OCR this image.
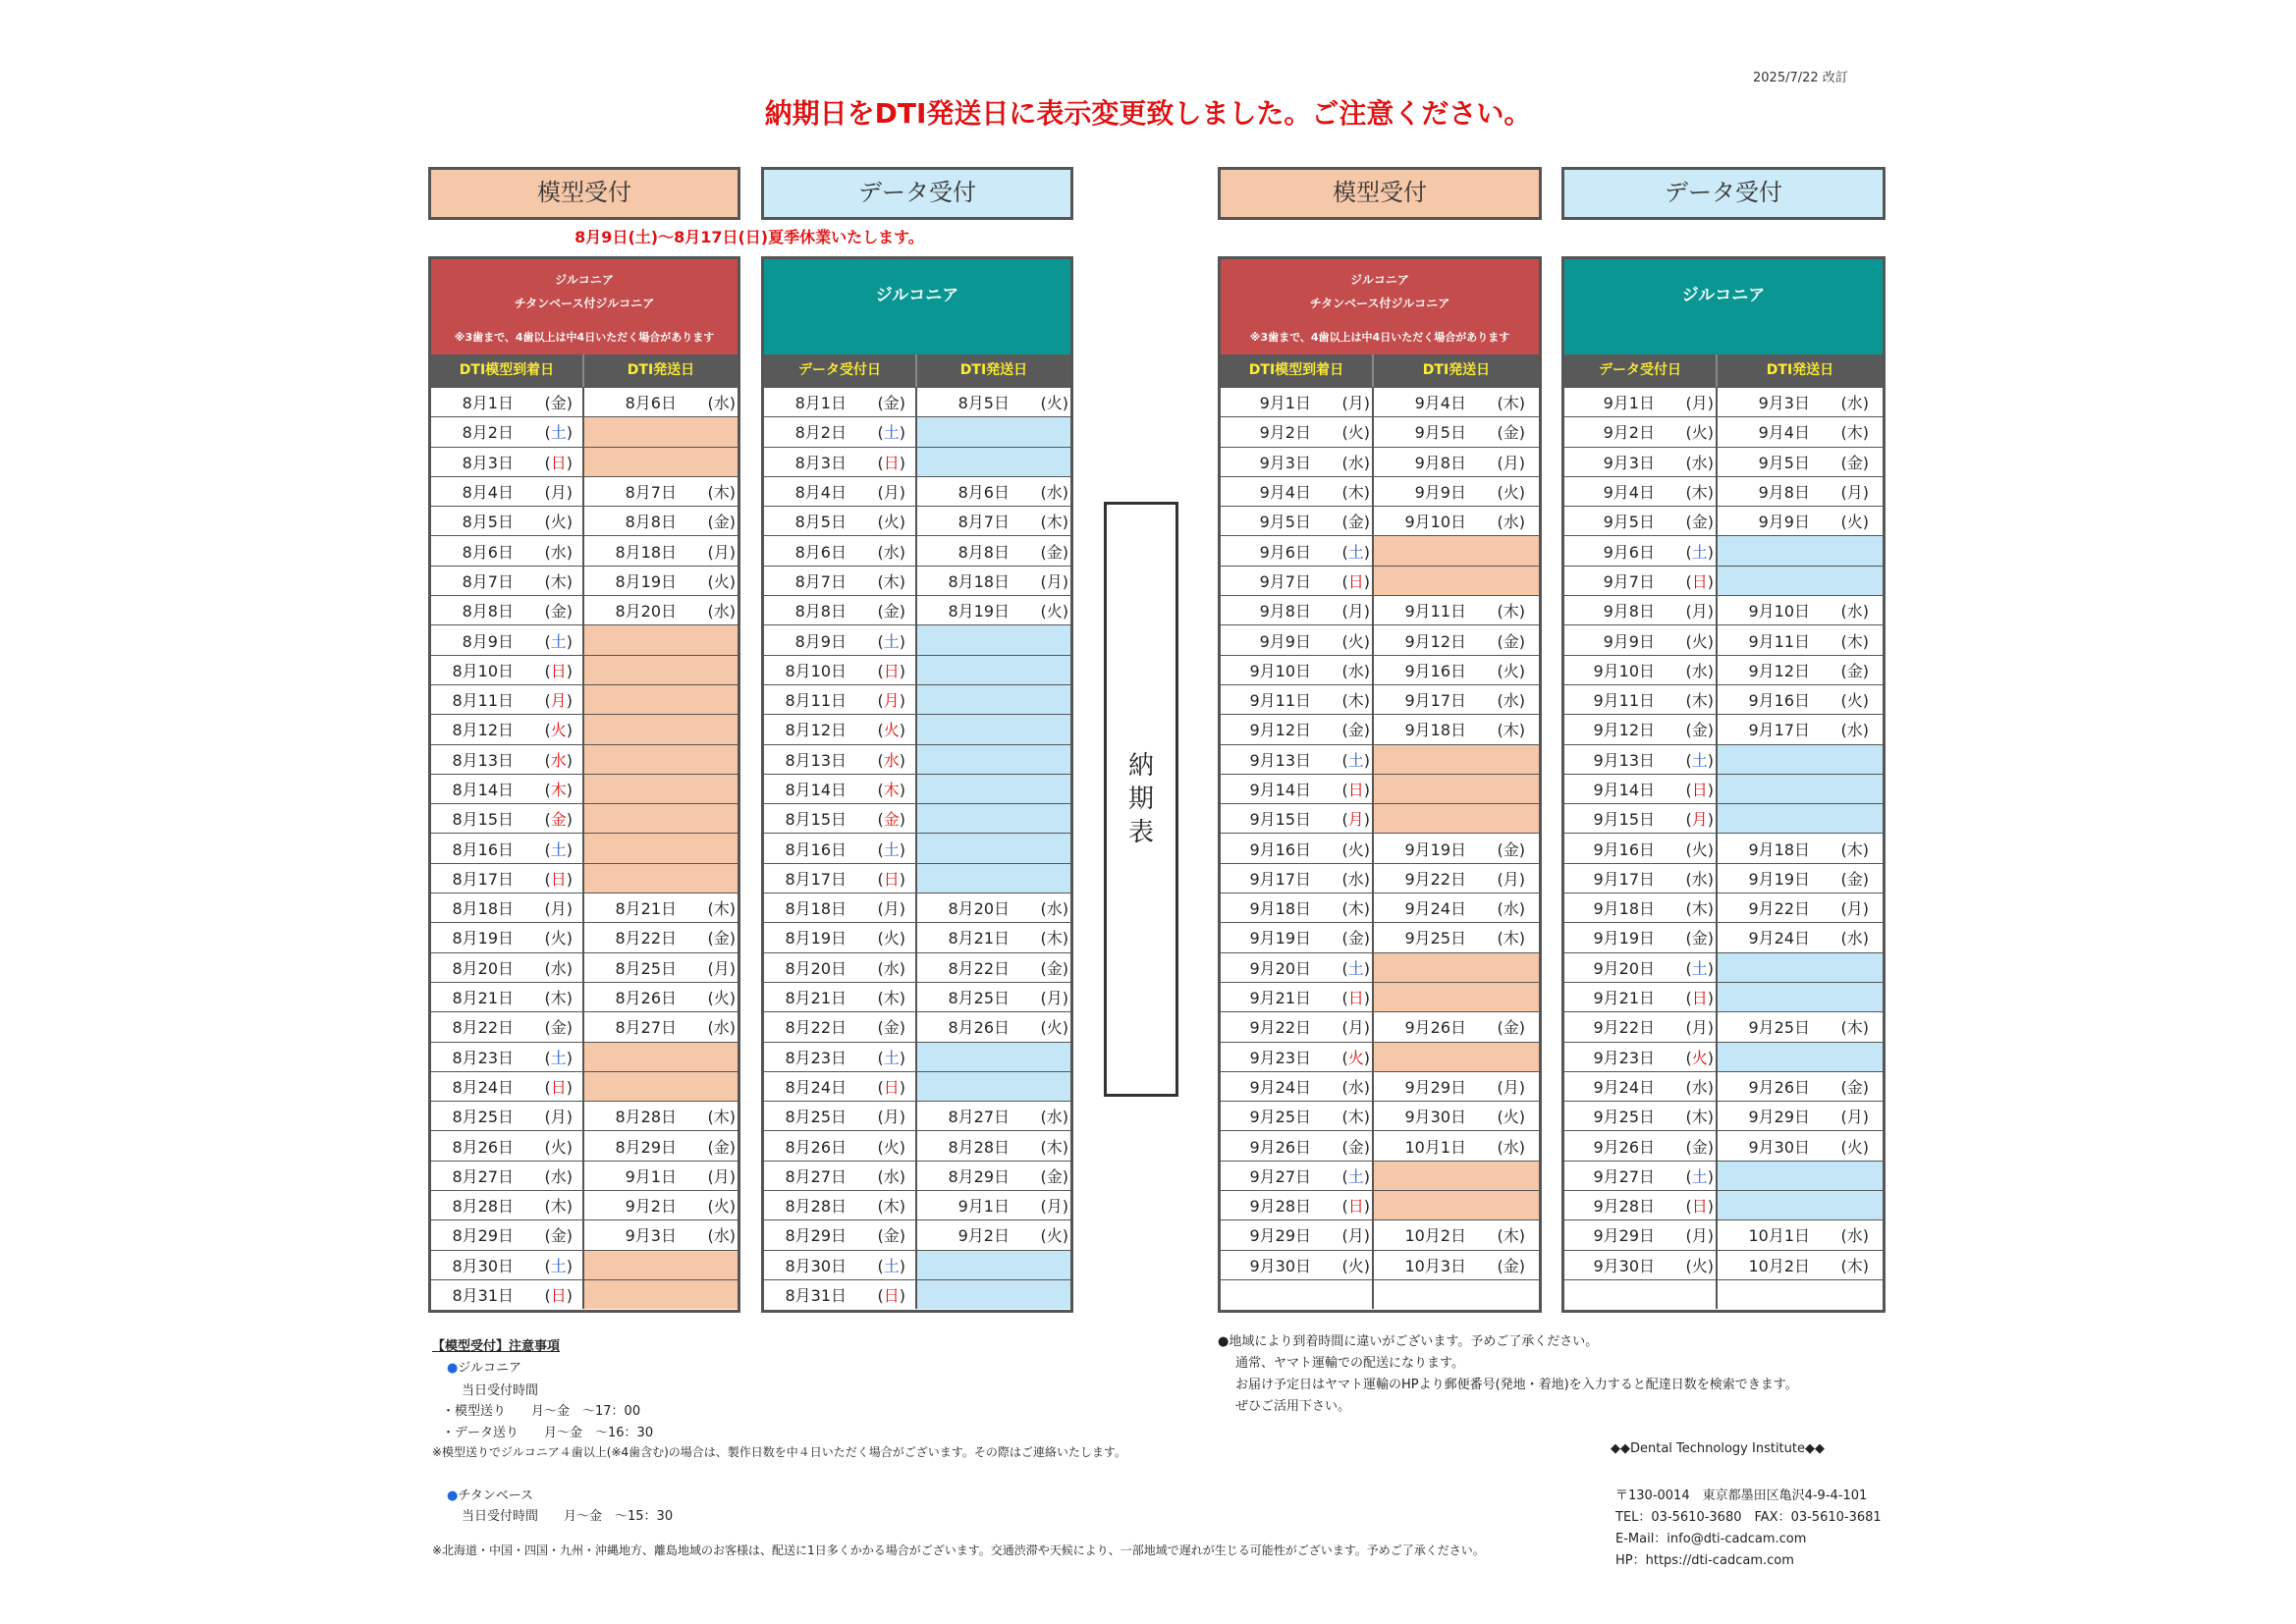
2025/7/22 改訂
納期日をDTI発送日に表示変更致しました。ご注意ください。
模型受付	データ受付	模型受付	データ受付
8月9日(土)～8月17日(日)夏季休業いたします。
ジルコニア
チタンベース付ジルコニア
※3歯まで、4歯以上は中4日いただく場合があります
DTI模型到着日	DTI発送日
8月1日	(金)	8月6日	(水)
8月2日	(土)
8月3日	(日)
8月4日	(月)	8月7日	(木)
8月5日	(火)	8月8日	(金)
8月6日	(水)	8月18日	(月)
8月7日	(木)	8月19日	(火)
8月8日	(金)	8月20日	(水)
8月9日	(土)
8月10日	(日)
8月11日	(月)
8月12日	(火)
8月13日	(水)
8月14日	(木)
8月15日	(金)
8月16日	(土)
8月17日	(日)
8月18日	(月)	8月21日	(木)
8月19日	(火)	8月22日	(金)
8月20日	(水)	8月25日	(月)
8月21日	(木)	8月26日	(火)
8月22日	(金)	8月27日	(水)
8月23日	(土)
8月24日	(日)
8月25日	(月)	8月28日	(木)
8月26日	(火)	8月29日	(金)
8月27日	(水)	9月1日	(月)
8月28日	(木)	9月2日	(火)
8月29日	(金)	9月3日	(水)
8月30日	(土)
8月31日	(日)
ジルコニア
データ受付日	DTI発送日
8月1日	(金)	8月5日	(火)
8月2日	(土)
8月3日	(日)
8月4日	(月)	8月6日	(水)
8月5日	(火)	8月7日	(木)
8月6日	(水)	8月8日	(金)
8月7日	(木)	8月18日	(月)
8月8日	(金)	8月19日	(火)
8月9日	(土)
8月10日	(日)
8月11日	(月)
8月12日	(火)
8月13日	(水)
8月14日	(木)
8月15日	(金)
8月16日	(土)
8月17日	(日)
8月18日	(月)	8月20日	(水)
8月19日	(火)	8月21日	(木)
8月20日	(水)	8月22日	(金)
8月21日	(木)	8月25日	(月)
8月22日	(金)	8月26日	(火)
8月23日	(土)
8月24日	(日)
8月25日	(月)	8月27日	(水)
8月26日	(火)	8月28日	(木)
8月27日	(水)	8月29日	(金)
8月28日	(木)	9月1日	(月)
8月29日	(金)	9月2日	(火)
8月30日	(土)
8月31日	(日)
ジルコニア
チタンベース付ジルコニア
※3歯まで、4歯以上は中4日いただく場合があります
DTI模型到着日	DTI発送日
9月1日	(月)	9月4日	(木)
9月2日	(火)	9月5日	(金)
9月3日	(水)	9月8日	(月)
9月4日	(木)	9月9日	(火)
9月5日	(金)	9月10日	(水)
9月6日	(土)
9月7日	(日)
9月8日	(月)	9月11日	(木)
9月9日	(火)	9月12日	(金)
9月10日	(水)	9月16日	(火)
9月11日	(木)	9月17日	(水)
9月12日	(金)	9月18日	(木)
9月13日	(土)
9月14日	(日)
9月15日	(月)
9月16日	(火)	9月19日	(金)
9月17日	(水)	9月22日	(月)
9月18日	(木)	9月24日	(水)
9月19日	(金)	9月25日	(木)
9月20日	(土)
9月21日	(日)
9月22日	(月)	9月26日	(金)
9月23日	(火)
9月24日	(水)	9月29日	(月)
9月25日	(木)	9月30日	(火)
9月26日	(金)	10月1日	(水)
9月27日	(土)
9月28日	(日)
9月29日	(月)	10月2日	(木)
9月30日	(火)	10月3日	(金)
ジルコニア
データ受付日	DTI発送日
9月1日	(月)	9月3日	(水)
9月2日	(火)	9月4日	(木)
9月3日	(水)	9月5日	(金)
9月4日	(木)	9月8日	(月)
9月5日	(金)	9月9日	(火)
9月6日	(土)
9月7日	(日)
9月8日	(月)	9月10日	(水)
9月9日	(火)	9月11日	(木)
9月10日	(水)	9月12日	(金)
9月11日	(木)	9月16日	(火)
9月12日	(金)	9月17日	(水)
9月13日	(土)
9月14日	(日)
9月15日	(月)
9月16日	(火)	9月18日	(木)
9月17日	(水)	9月19日	(金)
9月18日	(木)	9月22日	(月)
9月19日	(金)	9月24日	(水)
9月20日	(土)
9月21日	(日)
9月22日	(月)	9月25日	(木)
9月23日	(火)
9月24日	(水)	9月26日	(金)
9月25日	(木)	9月29日	(月)
9月26日	(金)	9月30日	(火)
9月27日	(土)
9月28日	(日)
9月29日	(月)	10月1日	(水)
9月30日	(火)	10月2日	(木)
納
期
表
【模型受付】注意事項
●ジルコニア
当日受付時間
・模型送り　　月～金　～17：00
・データ送り　　月～金　～16：30
※模型送りでジルコニア４歯以上(※4歯含む)の場合は、製作日数を中４日いただく場合がございます。その際はご連絡いたします。
●チタンベース
当日受付時間　　月～金　～15：30
※北海道・中国・四国・九州・沖縄地方、離島地域のお客様は、配送に1日多くかかる場合がございます。交通渋滞や天候により、一部地域で遅れが生じる可能性がございます。予めご了承ください。
●地域により到着時間に違いがございます。予めご了承ください。
通常、ヤマト運輸での配送になります。
お届け予定日はヤマト運輸のHPより郵便番号(発地・着地)を入力すると配達日数を検索できます。
ぜひご活用下さい。
◆◆Dental Technology Institute◆◆
〒130-0014　東京都墨田区亀沢4-9-4-101
TEL：03-5610-3680　FAX：03-5610-3681
E-Mail：info@dti-cadcam.com
HP：https://dti-cadcam.com
